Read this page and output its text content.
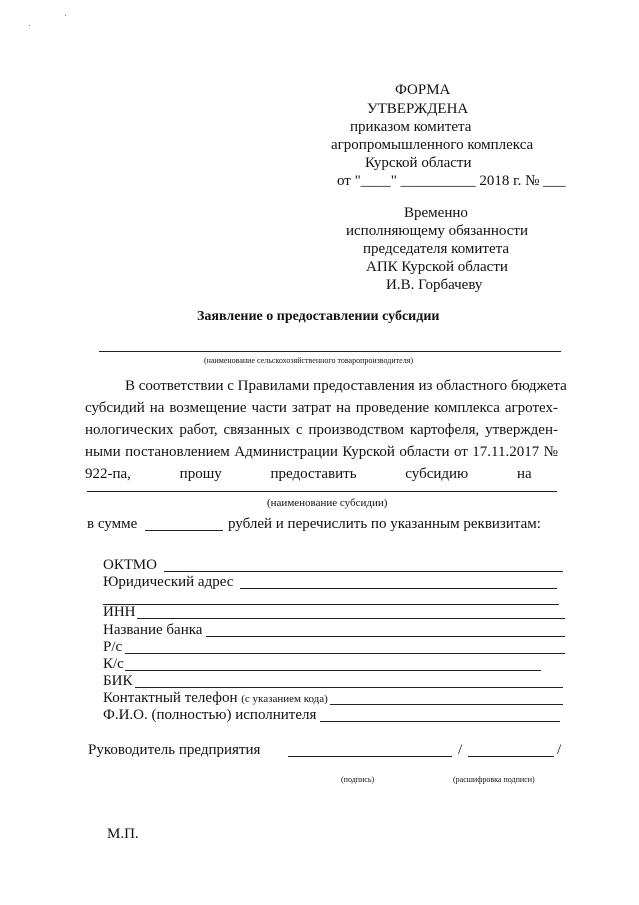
ФОРМА
УТВЕРЖДЕНА
приказом комитета
агропромышленного комплекса
Курской области
от "____" __________ 2018 г. № ___
Временно
исполняющему обязанности
председателя комитета
АПК Курской области
И.В. Горбачеву
Заявление о предоставлении субсидии
(наименование сельскохозяйственного товаропроизводителя)
В соответствии с Правилами предоставления из областного бюджета
субсидий на возмещение части затрат на проведение комплекса агротех-
нологических работ, связанных с производством картофеля, утвержден-
ными постановлением Администрации Курской области от 17.11.2017 №
922-па,             прошу             предоставить             субсидию             на
(наименование субсидии)
в сумме	рублей и перечислить по указанным реквизитам:
ОКТМО
Юридический адрес
ИНН
Название банка
Р/с
К/с
БИК
Контактный телефон (с указанием кода)
Ф.И.О. (полностью) исполнителя
Руководитель предприятия	/	/
(подпись)	(расшифровка подписи)
М.П.
